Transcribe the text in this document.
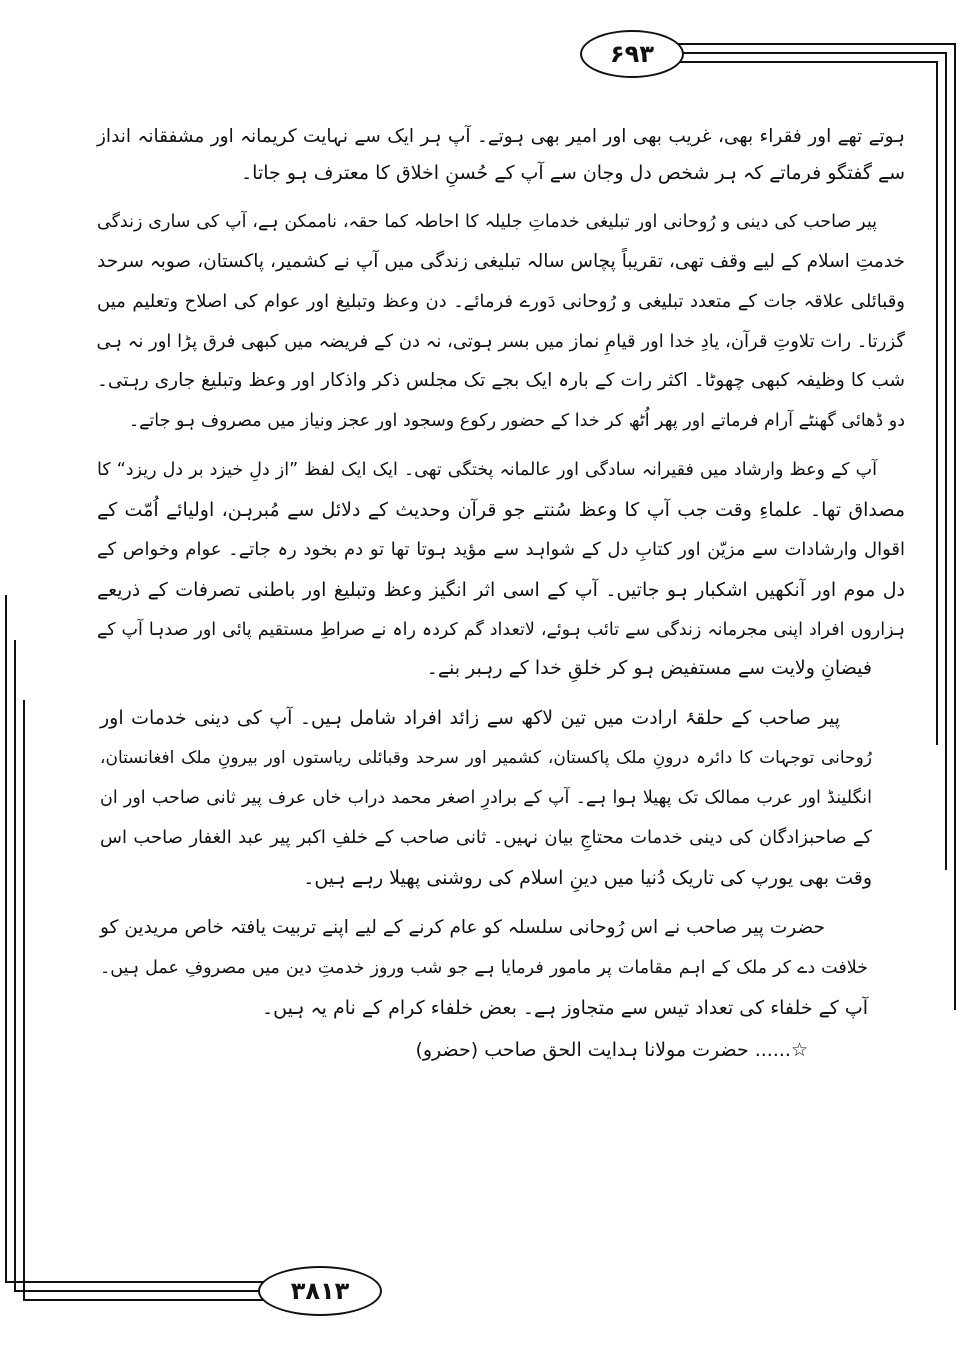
۶۹۳
۳۸۱۳
ہوتے تھے اور فقراء بھی، غریب بھی اور امیر بھی ہوتے۔ آپ ہر ایک سے نہایت کریمانہ اور مشفقانہ انداز
سے گفتگو فرماتے کہ ہر شخص دل وجان سے آپ کے حُسنِ اخلاق کا معترف ہو جاتا۔
پیر صاحب کی دینی و رُوحانی اور تبلیغی خدماتِ جلیلہ کا احاطہ کما حقہ، ناممکن ہے، آپ کی ساری زندگی
خدمتِ اسلام کے لیے وقف تھی، تقریباً پچاس سالہ تبلیغی زندگی میں آپ نے کشمیر، پاکستان، صوبہ سرحد
وقبائلی علاقہ جات کے متعدد تبلیغی و رُوحانی دَورے فرمائے۔ دن وعظ وتبلیغ اور عوام کی اصلاح وتعلیم میں
گزرتا۔ رات تلاوتِ قرآن، یادِ خدا اور قیامِ نماز میں بسر ہوتی، نہ دن کے فریضہ میں کبھی فرق پڑا اور نہ ہی
شب کا وظیفہ کبھی چھوٹا۔ اکثر رات کے بارہ ایک بجے تک مجلس ذکر واذکار اور وعظ وتبلیغ جاری رہتی۔
دو ڈھائی گھنٹے آرام فرماتے اور پھر اُٹھ کر خدا کے حضور رکوع وسجود اور عجز ونیاز میں مصروف ہو جاتے۔
آپ کے وعظ وارشاد میں فقیرانہ سادگی اور عالمانہ پختگی تھی۔ ایک ایک لفظ ”از دلِ خیزد بر دل ریزد“ کا
مصداق تھا۔ علماءِ وقت جب آپ کا وعظ سُنتے جو قرآن وحدیث کے دلائل سے مُبرہن، اولیائے اُمّت کے
اقوال وارشادات سے مزیّن اور کتابِ دل کے شواہد سے مؤید ہوتا تھا تو دم بخود رہ جاتے۔ عوام وخواص کے
دل موم اور آنکھیں اشکبار ہو جاتیں۔ آپ کے اسی اثر انگیز وعظ وتبلیغ اور باطنی تصرفات کے ذریعے
ہزاروں افراد اپنی مجرمانہ زندگی سے تائب ہوئے، لاتعداد گم کردہ راہ نے صراطِ مستقیم پائی اور صدہا آپ کے
فیضانِ ولایت سے مستفیض ہو کر خلقِ خدا کے رہبر بنے۔
پیر صاحب کے حلقۂ ارادت میں تین لاکھ سے زائد افراد شامل ہیں۔ آپ کی دینی خدمات اور
رُوحانی توجہات کا دائرہ درونِ ملک پاکستان، کشمیر اور سرحد وقبائلی ریاستوں اور بیرونِ ملک افغانستان،
انگلینڈ اور عرب ممالک تک پھیلا ہوا ہے۔ آپ کے برادرِ اصغر محمد دراب خاں عرف پیر ثانی صاحب اور ان
کے صاحبزادگان کی دینی خدمات محتاجِ بیان نہیں۔ ثانی صاحب کے خلفِ اکبر پیر عبد الغفار صاحب اس
وقت بھی یورپ کی تاریک دُنیا میں دینِ اسلام کی روشنی پھیلا رہے ہیں۔
حضرت پیر صاحب نے اس رُوحانی سلسلہ کو عام کرنے کے لیے اپنے تربیت یافتہ خاص مریدین کو
خلافت دے کر ملک کے اہم مقامات پر مامور فرمایا ہے جو شب وروز خدمتِ دین میں مصروفِ عمل ہیں۔
آپ کے خلفاء کی تعداد تیس سے متجاوز ہے۔ بعض خلفاء کرام کے نام یہ ہیں۔
☆...... حضرت مولانا ہدایت الحق صاحب (حضرو)
